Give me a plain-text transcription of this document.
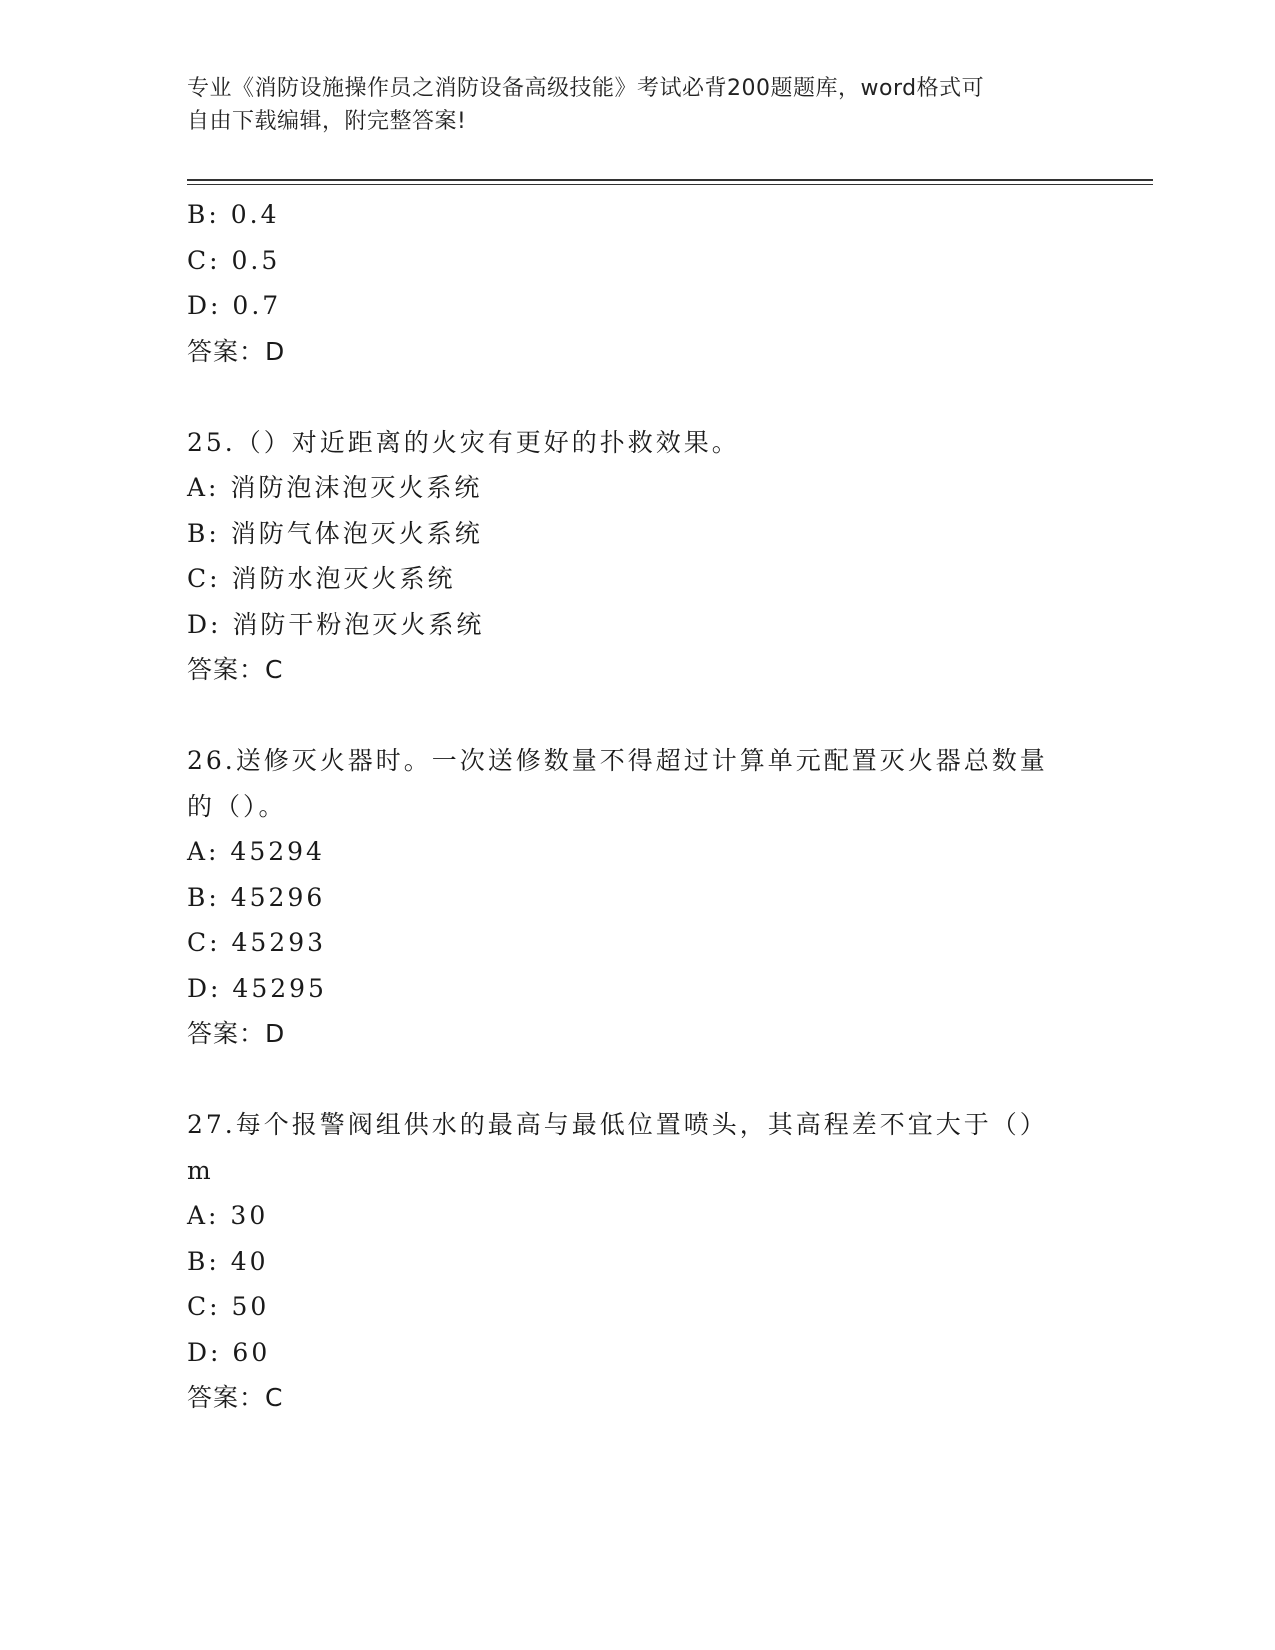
专业《消防设施操作员之消防设备高级技能》考试必背200题题库，word格式可
自由下载编辑，附完整答案!
B: 0.4
C: 0.5
D: 0.7
答案：D
25.（）对近距离的火灾有更好的扑救效果。
A: 消防泡沫泡灭火系统
B: 消防气体泡灭火系统
C: 消防水泡灭火系统
D: 消防干粉泡灭火系统
答案：C
26.送修灭火器时。一次送修数量不得超过计算单元配置灭火器总数量
的（）。
A: 45294
B: 45296
C: 45293
D: 45295
答案：D
27.每个报警阀组供水的最高与最低位置喷头，其高程差不宜大于（）
m
A: 30
B: 40
C: 50
D: 60
答案：C
